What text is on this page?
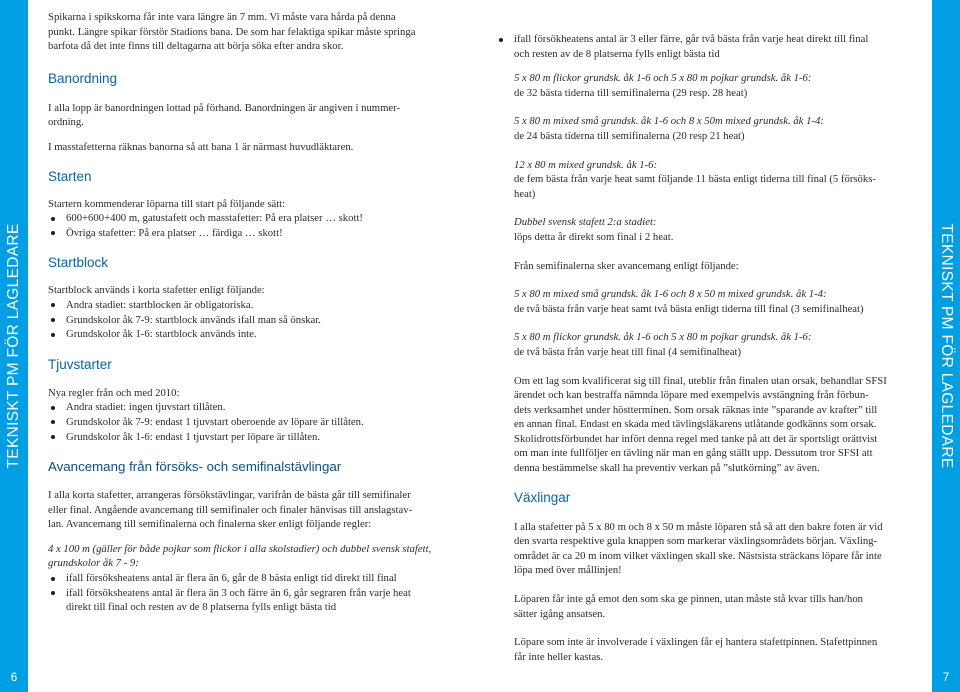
TEKNISKT PM FÖR LAGLEDARE
6
TEKNISKT PM FÖR LAGLEDARE
7

Spikarna i spikskorna får inte vara längre än 7 mm. Vi måste vara hårda på denna

punkt. Längre spikar förstör Stadions bana. De som har felaktiga spikar måste springa

barfota då det inte finns till deltagarna att börja söka efter andra skor.

Banordning

I alla lopp är banordningen lottad på förhand. Banordningen är angiven i nummer-

ordning.

I masstafetterna räknas banorna så att bana 1 är närmast huvudläktaren.

Starten

Startern kommenderar löparna till start på följande sätt:

600+600+400 m, gatustafett och masstafetter: På era platser … skott!
Övriga stafetter: På era platser … färdiga … skott!
Startblock

Startblock används i korta stafetter enligt följande:

Andra stadiet: startblocken är obligatoriska.
Grundskolor åk 7-9: startblock används ifall man så önskar.
Grundskolor åk 1-6: startblock används inte.
Tjuvstarter

Nya regler från och med 2010:

Andra stadiet: ingen tjuvstart tillåten.
Grundskolor åk 7-9: endast 1 tjuvstart oberoende av löpare är tillåten.
Grundskolor åk 1-6: endast 1 tjuvstart per löpare är tillåten.
Avancemang från försöks- och semifinalstävlingar

I alla korta stafetter, arrangeras försökstävlingar, varifrån de bästa går till semifinaler

eller final. Angående avancemang till semifinaler och finaler hänvisas till anslagstav-

lan. Avancemang till semifinalerna och finalerna sker enligt följande regler:

4 x 100 m (gäller för både pojkar som flickor i alla skolstadier) och dubbel svensk stafett,

grundskolor åk 7 - 9:

ifall försöksheatens antal är flera än 6, går de 8 bästa enligt tid direkt till final
ifall försöksheatens antal är flera än 3 och färre än 6, går segraren från varje heat
direkt till final och resten av de 8 platserna fylls enligt bästa tid
ifall försökheatens antal är 3 eller färre, går två bästa från varje heat direkt till final
och resten av de 8 platserna fylls enligt bästa tid

5 x 80 m flickor grundsk. åk 1-6 och 5 x 80 m pojkar grundsk. åk 1-6:

de 32 bästa tiderna till semifinalerna (29 resp. 28 heat)

5 x 80 m mixed små grundsk. åk 1-6 och 8 x 50m mixed grundsk. åk 1-4:

de 24 bästa tiderna till semifinalerna (20 resp 21 heat)

12 x 80 m mixed grundsk. åk 1-6:

de fem bästa från varje heat samt följande 11 bästa enligt tiderna till final (5 försöks-

heat)

Dubbel svensk stafett 2:a stadiet:

löps detta år direkt som final i 2 heat.

Från semifinalerna sker avancemang enligt följande:

5 x 80 m mixed små grundsk. åk 1-6 och 8 x 50 m mixed grundsk. åk 1-4:

de två bästa från varje heat samt två bästa enligt tiderna till final (3 semifinalheat)

5 x 80 m flickor grundsk. åk 1-6 och 5 x 80 m pojkar grundsk. åk 1-6:

de två bästa från varje heat till final (4 semifinalheat)

Om ett lag som kvalificerat sig till final, uteblir från finalen utan orsak, behandlar SFSI

ärendet och kan bestraffa nämnda löpare med exempelvis avstängning från förbun-

dets verksamhet under höstterminen. Som orsak räknas inte ”sparande av krafter” till

en annan final. Endast en skada med tävlingsläkarens utlåtande godkänns som orsak.

Skolidrottsförbundet har infört denna regel med tanke på att det är sportsligt orättvist

om man inte fullföljer en tävling när man en gång ställt upp. Dessutom tror SFSI att

denna bestämmelse skall ha preventiv verkan på ”slutkörning” av även.

Växlingar

I alla stafetter på 5 x 80 m och 8 x 50 m måste löparen stå så att den bakre foten är vid

den svarta respektive gula knappen som markerar växlingsområdets början. Växling-

området är ca 20 m inom vilket växlingen skall ske. Nästsista sträckans löpare får inte

löpa med över mållinjen!

Löparen får inte gå emot den som ska ge pinnen, utan måste stå kvar tills han/hon

sätter igång ansatsen.

Löpare som inte är involverade i växlingen får ej hantera stafettpinnen. Stafettpinnen

får inte heller kastas.
